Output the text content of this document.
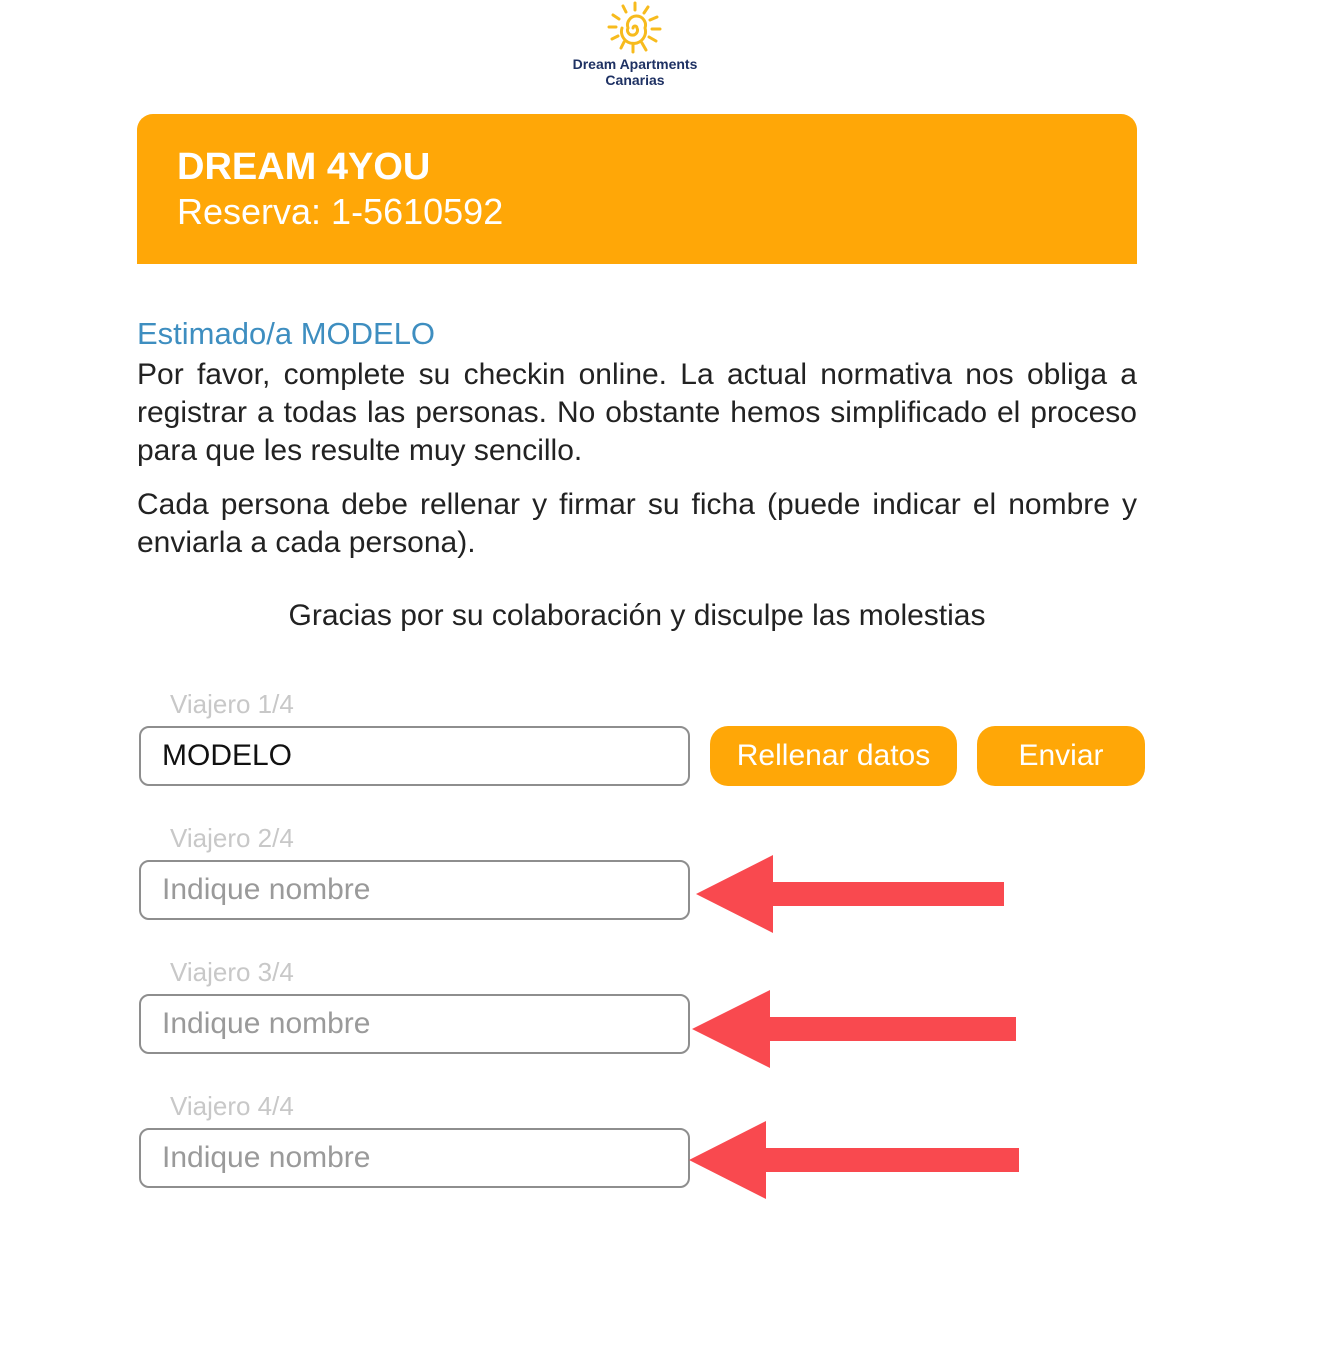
Dream Apartments
Canarias

DREAM 4YOU

Reserva: 1-5610592

Estimado/a MODELO

Por favor, complete su checkin online. La actual normativa nos obliga a registrar a todas las personas. No obstante hemos simplificado el proceso para que les resulte muy sencillo.

Cada persona debe rellenar y firmar su ficha (puede indicar el nombre y enviarla a cada persona).

Gracias por su colaboración y disculpe las molestias
Viajero 1/4
MODELO
Rellenar datos	Enviar
Viajero 2/4
Indique nombre
Viajero 3/4
Indique nombre
Viajero 4/4
Indique nombre
